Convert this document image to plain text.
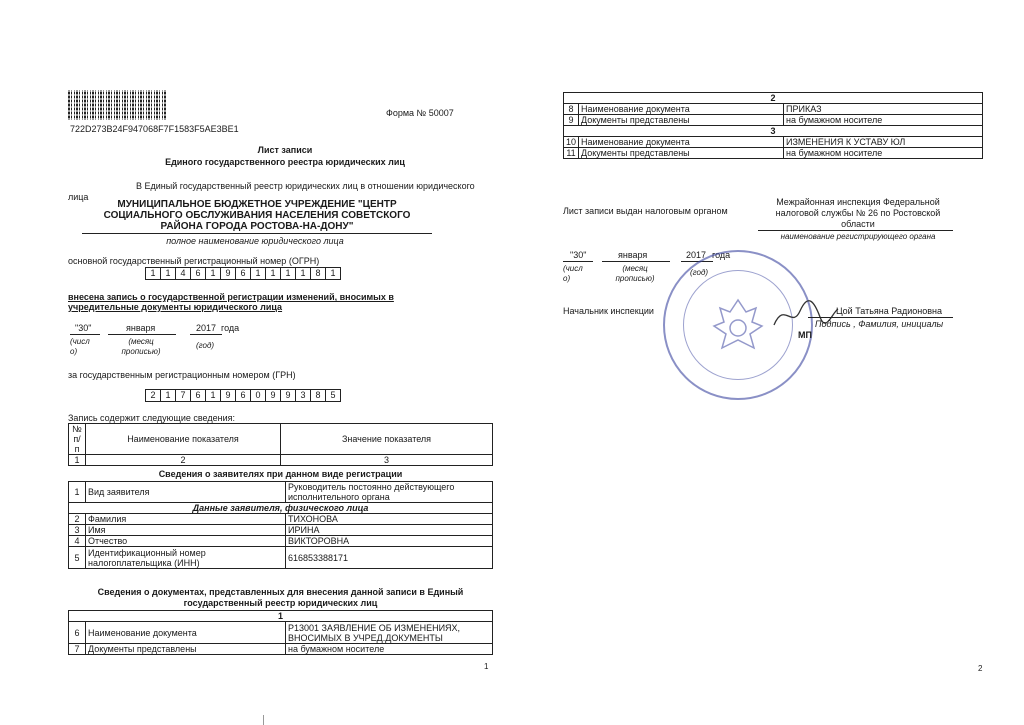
722D273B24F947068F7F1583F5AE3BE1
Форма № 50007
Лист записи
Единого государственного реестра юридических лиц
В Единый государственный реестр юридических лиц в отношении юридического
лица
МУНИЦИПАЛЬНОЕ БЮДЖЕТНОЕ УЧРЕЖДЕНИЕ "ЦЕНТР СОЦИАЛЬНОГО ОБСЛУЖИВАНИЯ НАСЕЛЕНИЯ СОВЕТСКОГО РАЙОНА ГОРОДА РОСТОВА-НА-ДОНУ"
полное наименование юридического лица
основной государственный регистрационный номер (ОГРН)
1	1	4	6	1	9	6	1	1	1	1	8	1
внесена запись о государственной регистрации изменений, вносимых в
учредительные документы юридического лица
"30"	января	2017 года
(числ о)
(месяц прописью)
(год)
за государственным регистрационным номером (ГРН)
2	1	7	6	1	9	6	0	9	9	3	8	5
Запись содержит следующие сведения:
№ п/п	Наименование показателя	Значение показателя
1	2	3
Сведения о заявителях при данном виде регистрации
1	Вид заявителя	Руководитель постоянно действующего исполнительного органа
Данные заявителя, физического лица		
2	Фамилия	ТИХОНОВА
3	Имя	ИРИНА
4	Отчество	ВИКТОРОВНА
5	Идентификационный номер налогоплательщика (ИНН)	616853388171
Сведения о документах, представленных для внесения данной записи в Единый
государственный реестр юридических лиц
1		
6	Наименование документа	Р13001 ЗАЯВЛЕНИЕ ОБ ИЗМЕНЕНИЯХ, ВНОСИМЫХ В УЧРЕД.ДОКУМЕНТЫ
7	Документы представлены	на бумажном носителе
1
2		
8	Наименование документа	ПРИКАЗ
9	Документы представлены	на бумажном носителе
3		
10	Наименование документа	ИЗМЕНЕНИЯ К УСТАВУ ЮЛ
11	Документы представлены	на бумажном носителе
Лист записи выдан налоговым органом
Межрайонная инспекция Федеральной налоговой службы № 26 по Ростовской области
наименование регистрирующего органа
"30"	января	2017 года
(числ о)
(месяц прописью)
(год)
Начальник инспекции	Цой Татьяна Радионовна
Подпись , Фамилия, инициалы
МП
2
